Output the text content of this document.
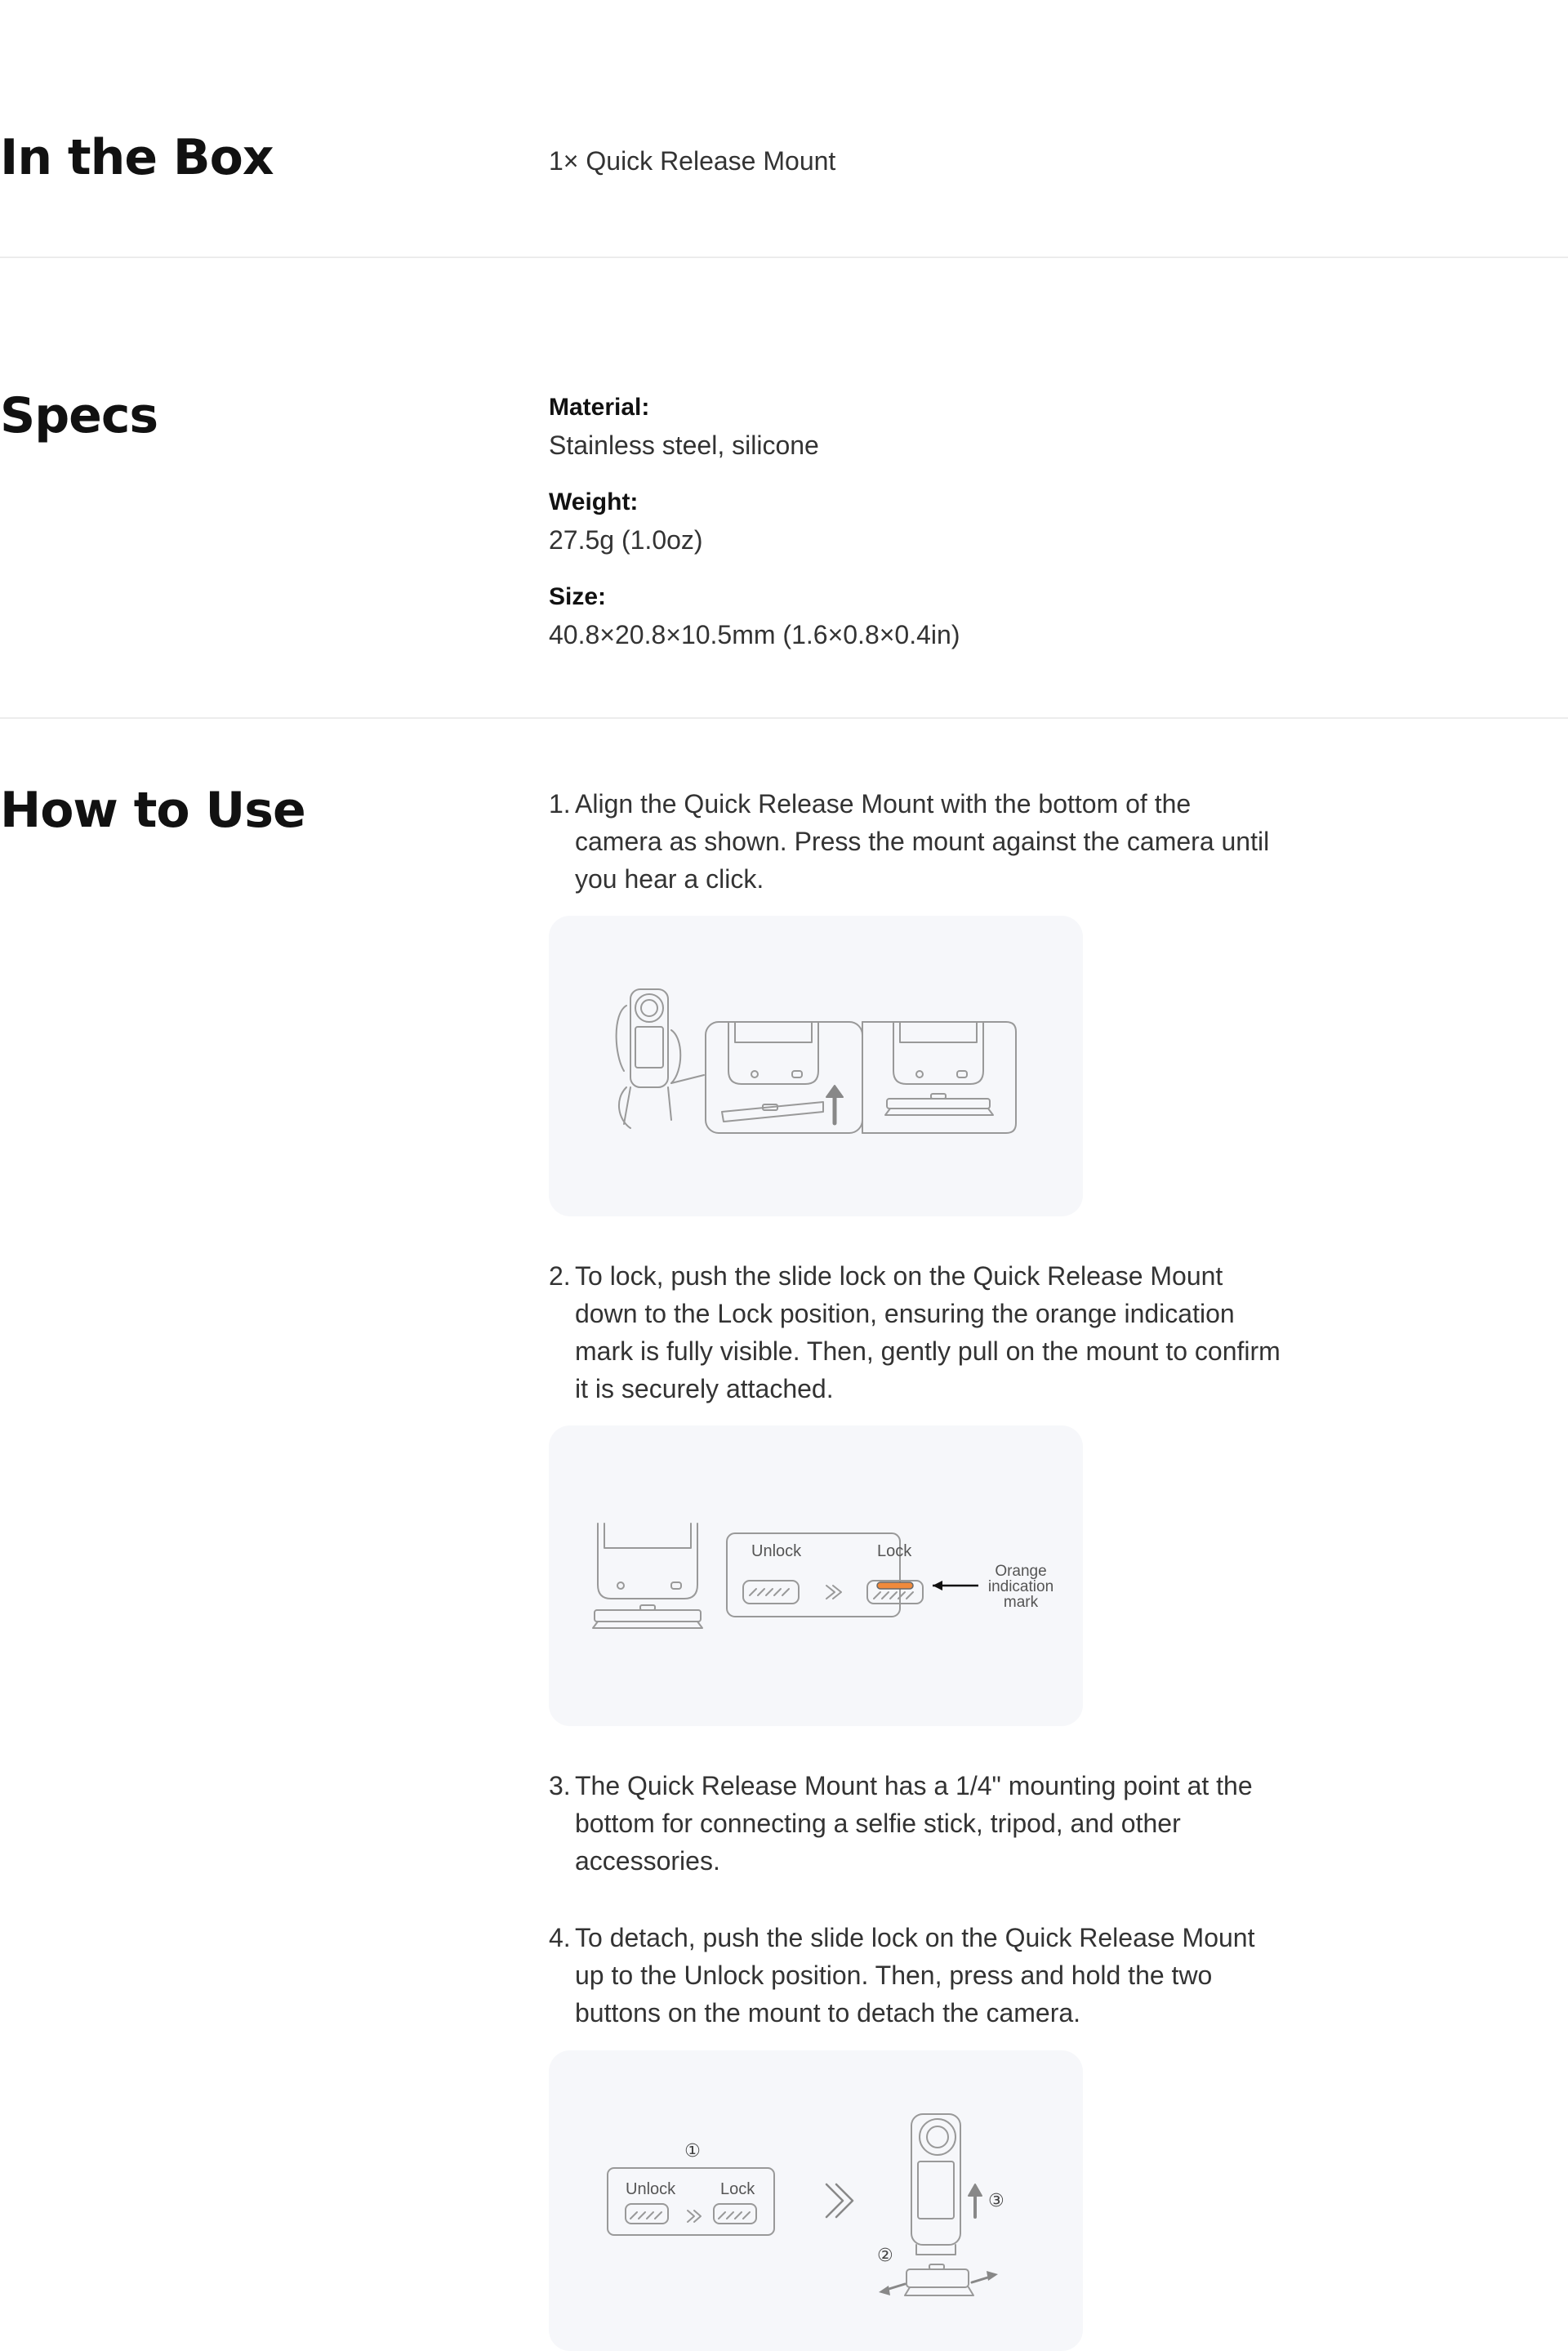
In the Box	1× Quick Release Mount
Specs	Material:
Stainless steel, silicone
Weight:
27.5g (1.0oz)
Size:
40.8×20.8×10.5mm (1.6×0.8×0.4in)
How to Use	1. Align the Quick Release Mount with the bottom of the camera as shown. Press the mount against the camera until you hear a click.
2. To lock, push the slide lock on the Quick Release Mount down to the Lock position, ensuring the orange indication mark is fully visible. Then, gently pull on the mount to confirm it is securely attached.
Unlock	Lock
Orange
indication
mark
3. The Quick Release Mount has a 1/4" mounting point at the bottom for connecting a selfie stick, tripod, and other accessories.
4. To detach, push the slide lock on the Quick Release Mount up to the Unlock position. Then, press and hold the two buttons on the mount to detach the camera.
①
Unlock	Lock
③
②
